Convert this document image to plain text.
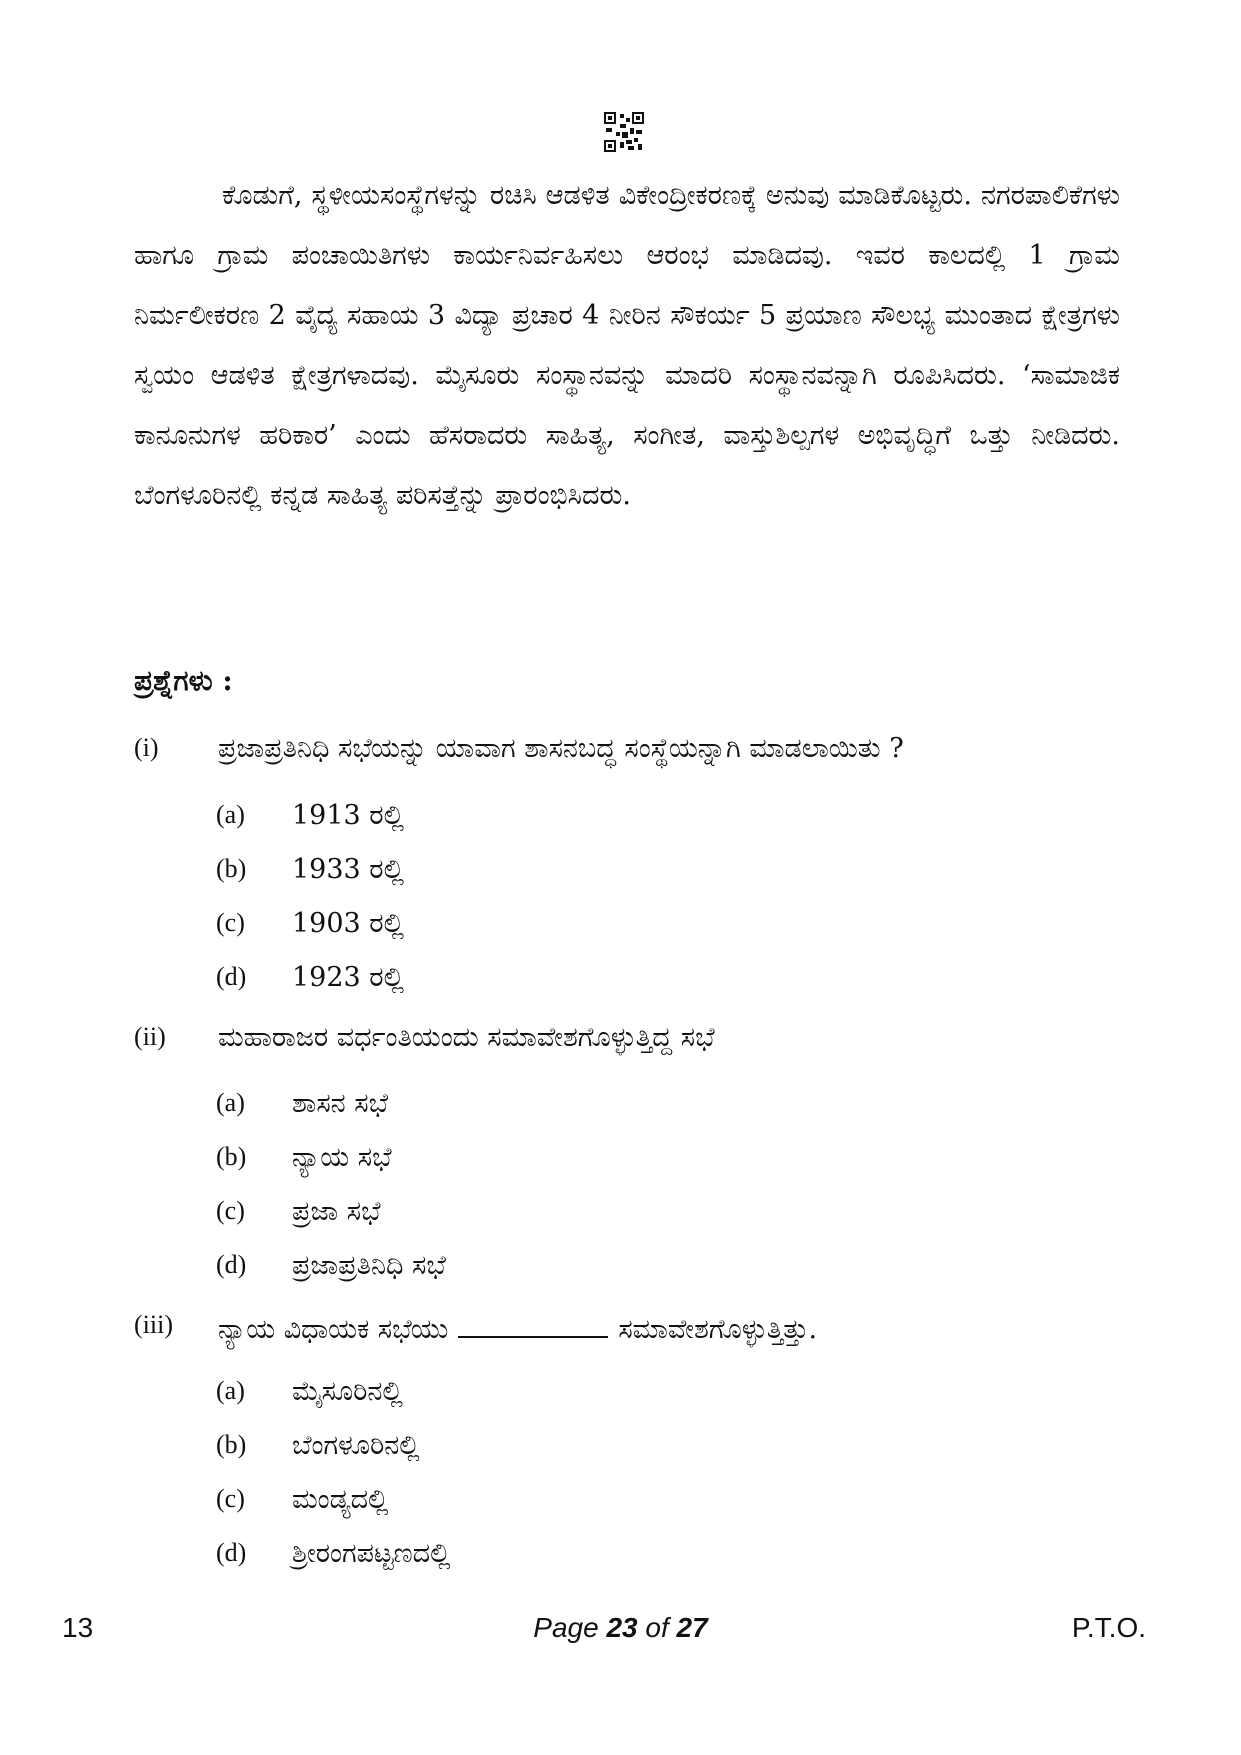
ಕೊಡುಗೆ, ಸ್ಥಳೀಯಸಂಸ್ಥೆಗಳನ್ನು ರಚಿಸಿ ಆಡಳಿತ ವಿಕೇಂದ್ರೀಕರಣಕ್ಕೆ ಅನುವು ಮಾಡಿಕೊಟ್ಟರು. ನಗರಪಾಲಿಕೆಗಳು ಹಾಗೂ ಗ್ರಾಮ ಪಂಚಾಯಿತಿಗಳು ಕಾರ್ಯನಿರ್ವಹಿಸಲು ಆರಂಭ ಮಾಡಿದವು. ಇವರ ಕಾಲದಲ್ಲಿ 1 ಗ್ರಾಮ ನಿರ್ಮಲೀಕರಣ 2 ವೈದ್ಯ ಸಹಾಯ 3 ವಿದ್ಯಾ ಪ್ರಚಾರ 4 ನೀರಿನ ಸೌಕರ್ಯ 5 ಪ್ರಯಾಣ ಸೌಲಭ್ಯ ಮುಂತಾದ ಕ್ಷೇತ್ರಗಳು ಸ್ವಯಂ ಆಡಳಿತ ಕ್ಷೇತ್ರಗಳಾದವು. ಮೈಸೂರು ಸಂಸ್ಥಾನವನ್ನು ಮಾದರಿ ಸಂಸ್ಥಾನವನ್ನಾಗಿ ರೂಪಿಸಿದರು. ‘ಸಾಮಾಜಿಕ ಕಾನೂನುಗಳ ಹರಿಕಾರ’ ಎಂದು ಹೆಸರಾದರು ಸಾಹಿತ್ಯ, ಸಂಗೀತ, ವಾಸ್ತುಶಿಲ್ಪಗಳ ಅಭಿವೃದ್ಧಿಗೆ ಒತ್ತು ನೀಡಿದರು. ಬೆಂಗಳೂರಿನಲ್ಲಿ ಕನ್ನಡ ಸಾಹಿತ್ಯ ಪರಿಸತ್ತೆನ್ನು ಪ್ರಾರಂಭಿಸಿದರು.

ಪ್ರಶ್ನೆಗಳು :
(i) ಪ್ರಜಾಪ್ರತಿನಿಧಿ ಸಭೆಯನ್ನು ಯಾವಾಗ ಶಾಸನಬದ್ಧ ಸಂಸ್ಥೆಯನ್ನಾಗಿ ಮಾಡಲಾಯಿತು ?
(a) 1913 ರಲ್ಲಿ
(b) 1933 ರಲ್ಲಿ
(c) 1903 ರಲ್ಲಿ
(d) 1923 ರಲ್ಲಿ
(ii) ಮಹಾರಾಜರ ವರ್ಧಂತಿಯಂದು ಸಮಾವೇಶಗೊಳ್ಳುತ್ತಿದ್ದ ಸಭೆ
(a) ಶಾಸನ ಸಭೆ
(b) ನ್ಯಾಯ ಸಭೆ
(c) ಪ್ರಜಾ ಸಭೆ
(d) ಪ್ರಜಾಪ್ರತಿನಿಧಿ ಸಭೆ
(iii) ನ್ಯಾಯ ವಿಧಾಯಕ ಸಭೆಯು	ಸಮಾವೇಶಗೊಳ್ಳುತ್ತಿತ್ತು.
(a) ಮೈಸೂರಿನಲ್ಲಿ
(b) ಬೆಂಗಳೂರಿನಲ್ಲಿ
(c) ಮಂಡ್ಯದಲ್ಲಿ
(d) ಶ್ರೀರಂಗಪಟ್ಟಣದಲ್ಲಿ
13	Page 23 of 27	P.T.O.
